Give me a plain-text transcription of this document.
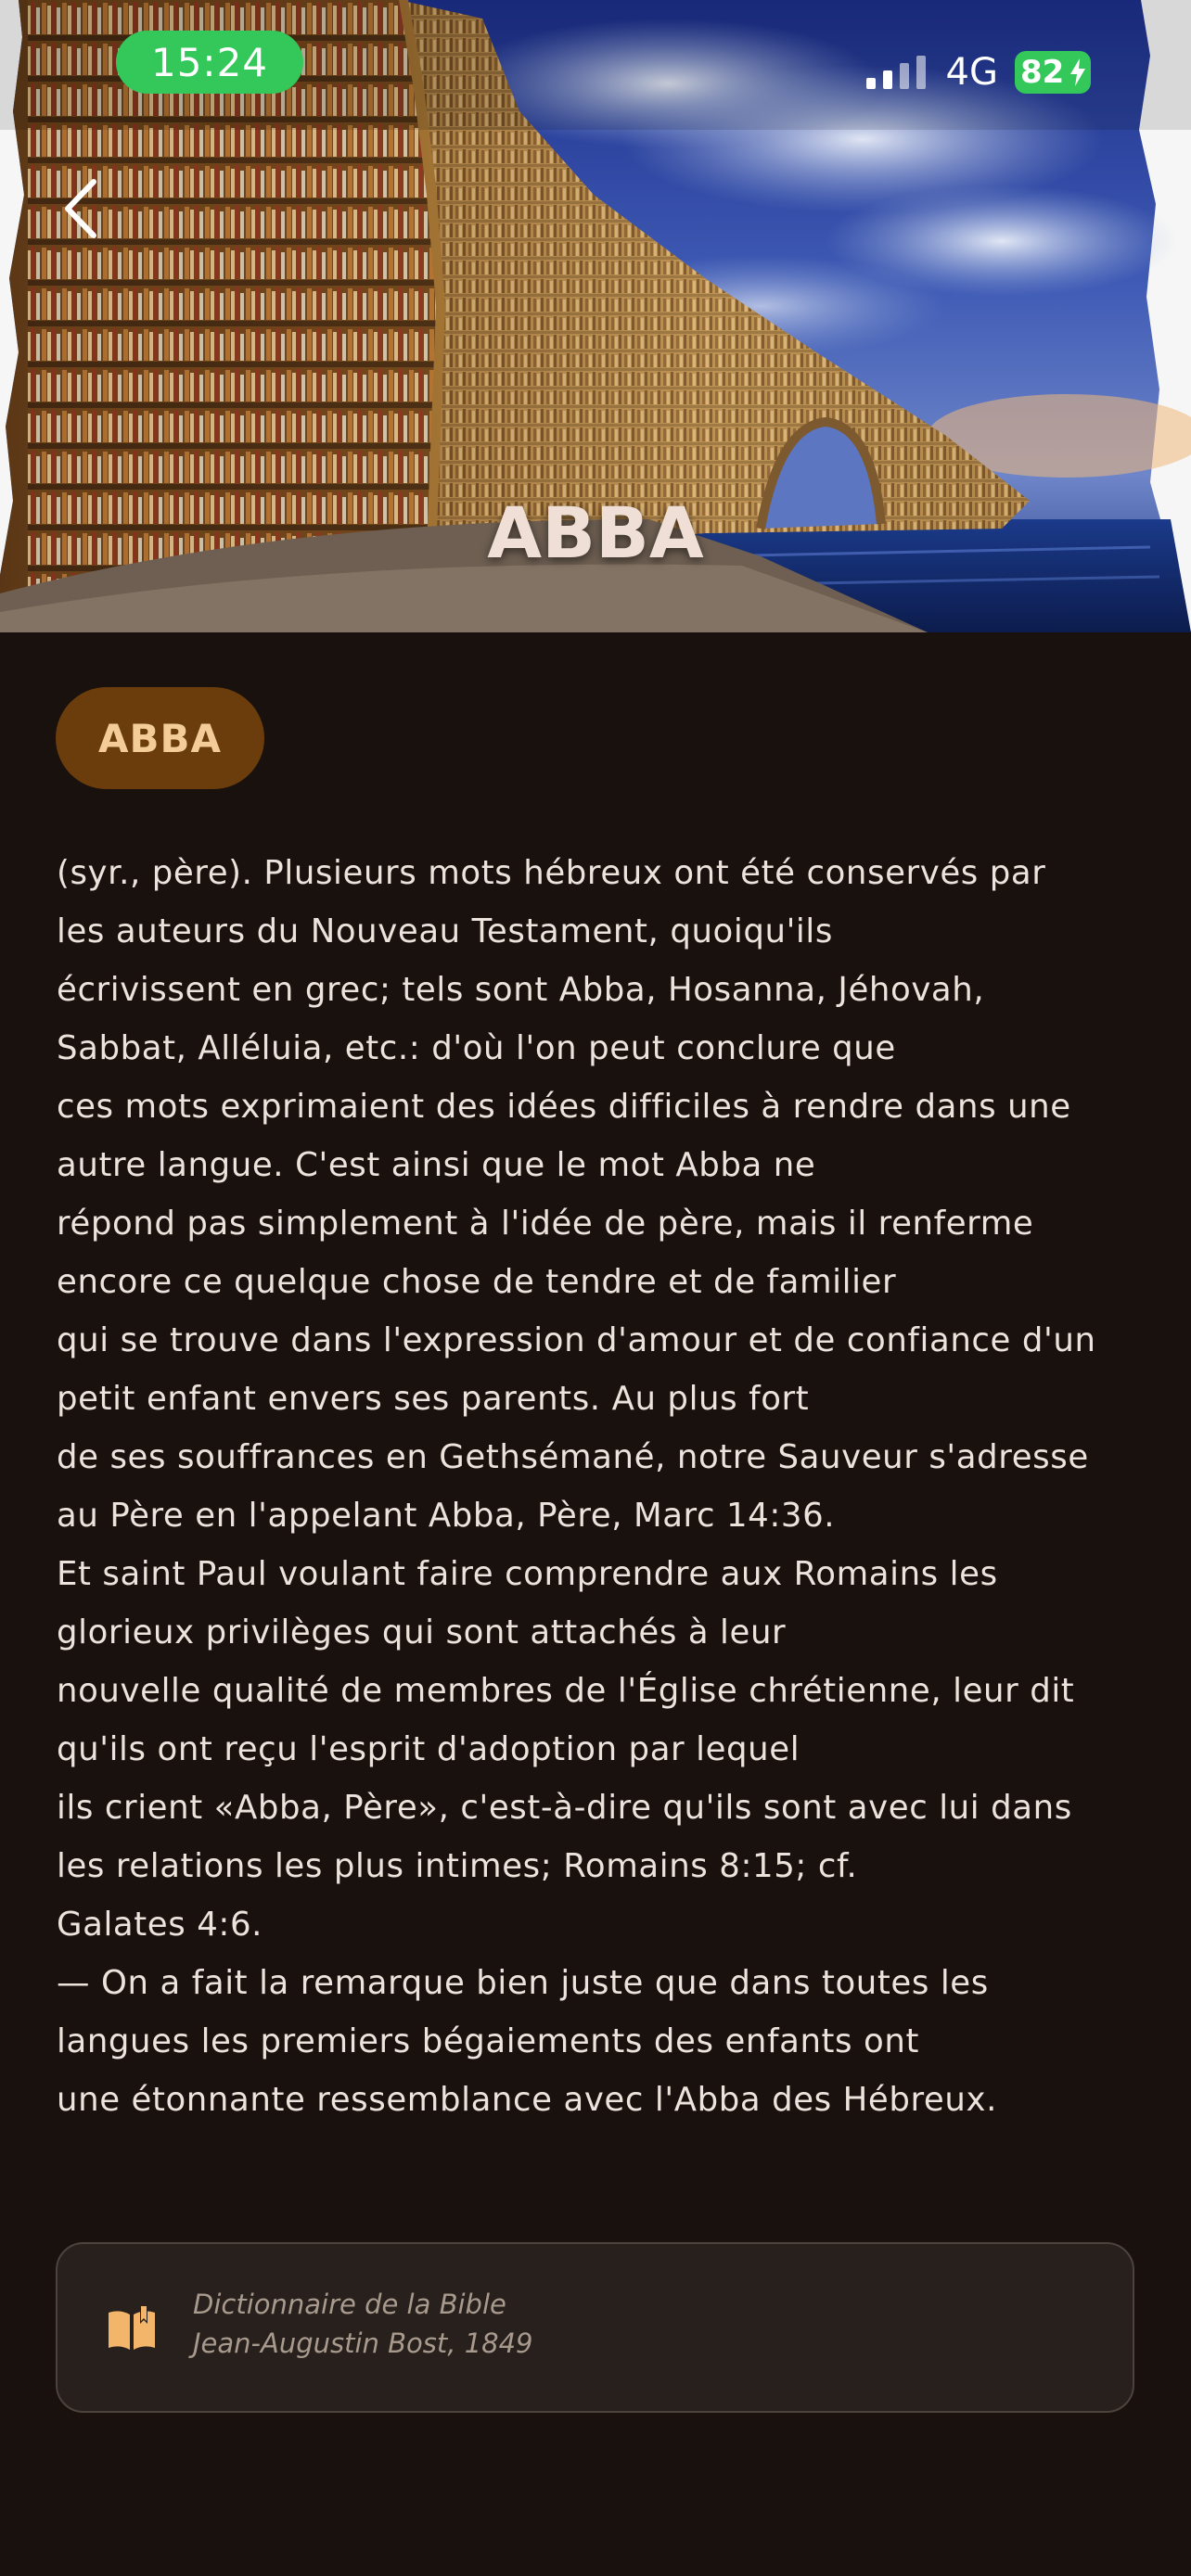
15:24	4G 82
ABBA
ABBA
(syr., père). Plusieurs mots hébreux ont été conservés par
les auteurs du Nouveau Testament, quoiqu'ils
écrivissent en grec; tels sont Abba, Hosanna, Jéhovah,
Sabbat, Alléluia, etc.: d'où l'on peut conclure que
ces mots exprimaient des idées difficiles à rendre dans une
autre langue. C'est ainsi que le mot Abba ne
répond pas simplement à l'idée de père, mais il renferme
encore ce quelque chose de tendre et de familier
qui se trouve dans l'expression d'amour et de confiance d'un
petit enfant envers ses parents. Au plus fort
de ses souffrances en Gethsémané, notre Sauveur s'adresse
au Père en l'appelant Abba, Père, Marc 14:36.
Et saint Paul voulant faire comprendre aux Romains les
glorieux privilèges qui sont attachés à leur
nouvelle qualité de membres de l'Église chrétienne, leur dit
qu'ils ont reçu l'esprit d'adoption par lequel
ils crient «Abba, Père», c'est-à-dire qu'ils sont avec lui dans
les relations les plus intimes; Romains 8:15; cf.
Galates 4:6.
— On a fait la remarque bien juste que dans toutes les
langues les premiers bégaiements des enfants ont
une étonnante ressemblance avec l'Abba des Hébreux.
Dictionnaire de la Bible
Jean-Augustin Bost, 1849
